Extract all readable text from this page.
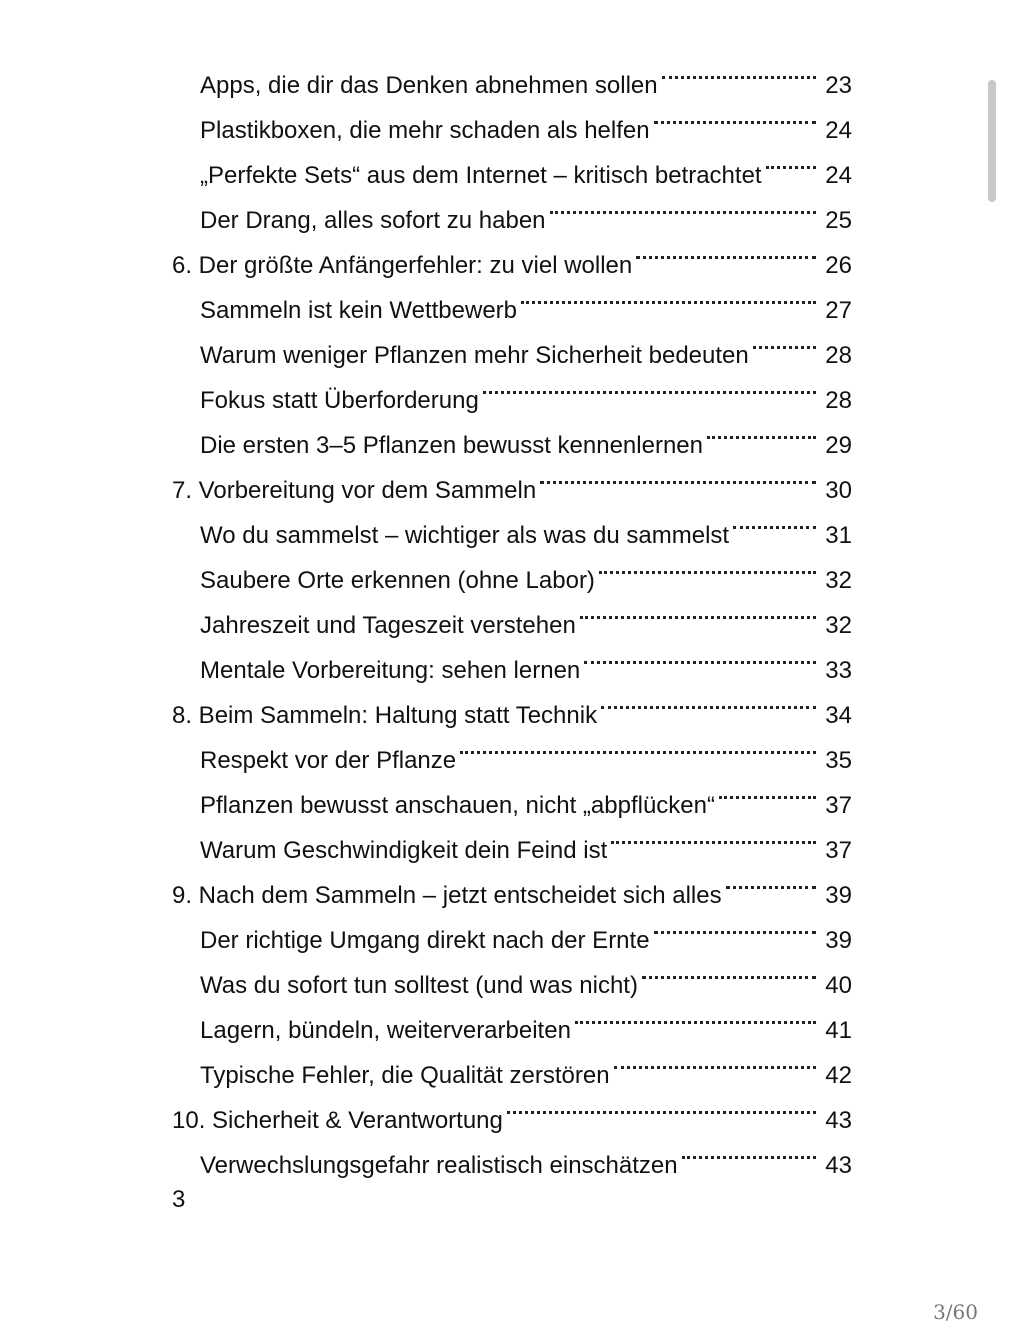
Apps, die dir das Denken abnehmen sollen	23
Plastikboxen, die mehr schaden als helfen	24
„Perfekte Sets“ aus dem Internet – kritisch betrachtet	24
Der Drang, alles sofort zu haben	25
6. Der größte Anfängerfehler: zu viel wollen	26
Sammeln ist kein Wettbewerb	27
Warum weniger Pflanzen mehr Sicherheit bedeuten	28
Fokus statt Überforderung	28
Die ersten 3–5 Pflanzen bewusst kennenlernen	29
7. Vorbereitung vor dem Sammeln	30
Wo du sammelst – wichtiger als was du sammelst	31
Saubere Orte erkennen (ohne Labor)	32
Jahreszeit und Tageszeit verstehen	32
Mentale Vorbereitung: sehen lernen	33
8. Beim Sammeln: Haltung statt Technik	34
Respekt vor der Pflanze	35
Pflanzen bewusst anschauen, nicht „abpflücken“	37
Warum Geschwindigkeit dein Feind ist	37
9. Nach dem Sammeln – jetzt entscheidet sich alles	39
Der richtige Umgang direkt nach der Ernte	39
Was du sofort tun solltest (und was nicht)	40
Lagern, bündeln, weiterverarbeiten	41
Typische Fehler, die Qualität zerstören	42
10. Sicherheit & Verantwortung	43
Verwechslungsgefahr realistisch einschätzen	43
3
3/60
